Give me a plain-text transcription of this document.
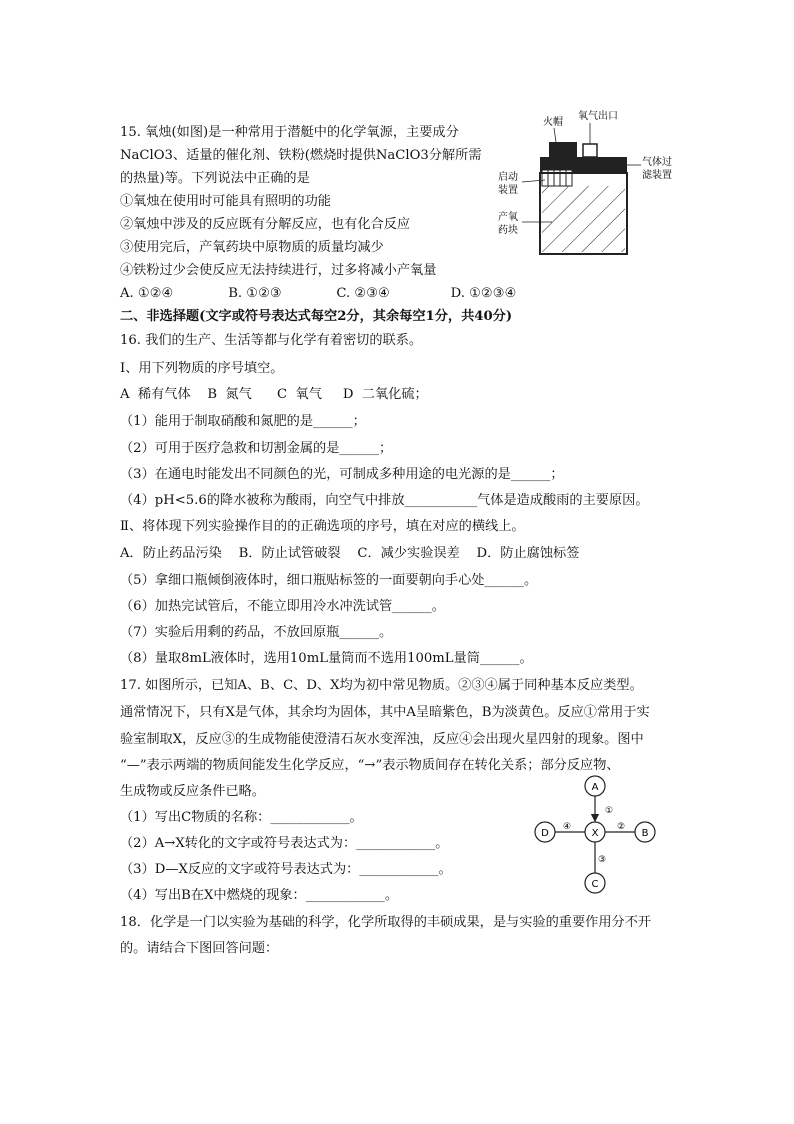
15. 氧烛(如图)是一种常用于潜艇中的化学氧源，主要成分
NaClO3、适量的催化剂、铁粉(燃烧时提供NaClO3分解所需
的热量)等。下列说法中正确的是
①氧烛在使用时可能具有照明的功能
②氧烛中涉及的反应既有分解反应，也有化合反应
③使用完后，产氧药块中原物质的质量均减少
④铁粉过少会使反应无法持续进行，过多将减小产氧量
A. ①②④	B. ①②③	C. ②③④	D. ①②③④
火帽
氧气出口
气体过
滤装置
启动
装置
产氧
药块
二、非选择题(文字或符号表达式每空2分，其余每空1分，共40分)
16. 我们的生产、生活等都与化学有着密切的联系。
Ⅰ、用下列物质的序号填空。
A  稀有气体    B  氮气      C  氧气     D  二氧化硫；
（1）能用于制取硝酸和氮肥的是______；
（2）可用于医疗急救和切割金属的是______；
（3）在通电时能发出不同颜色的光，可制成多种用途的电光源的是______；
（4）pH<5.6的降水被称为酸雨，向空气中排放___________气体是造成酸雨的主要原因。
Ⅱ、将体现下列实验操作目的的正确选项的序号，填在对应的横线上。
A．防止药品污染    B．防止试管破裂    C．减少实验误差    D．防止腐蚀标签
（5）拿细口瓶倾倒液体时，细口瓶贴标签的一面要朝向手心处______。
（6）加热完试管后，不能立即用冷水冲洗试管______。
（7）实验后用剩的药品，不放回原瓶______。
（8）量取8mL液体时，选用10mL量筒而不选用100mL量筒______。
17. 如图所示，已知A、B、C、D、X均为初中常见物质。②③④属于同种基本反应类型。
通常情况下，只有X是气体，其余均为固体，其中A呈暗紫色，B为淡黄色。反应①常用于实
验室制取X，反应③的生成物能使澄清石灰水变浑浊，反应④会出现火星四射的现象。图中
“—”表示两端的物质间能发生化学反应，“→”表示物质间存在转化关系；部分反应物、
生成物或反应条件已略。
（1）写出C物质的名称：____________。
（2）A→X转化的文字或符号表达式为：____________。
（3）D—X反应的文字或符号表达式为：____________。
（4）写出B在X中燃烧的现象：____________。
A
X	B
D
C
①
②
④
③
18．化学是一门以实验为基础的科学，化学所取得的丰硕成果，是与实验的重要作用分不开
的。请结合下图回答问题：
